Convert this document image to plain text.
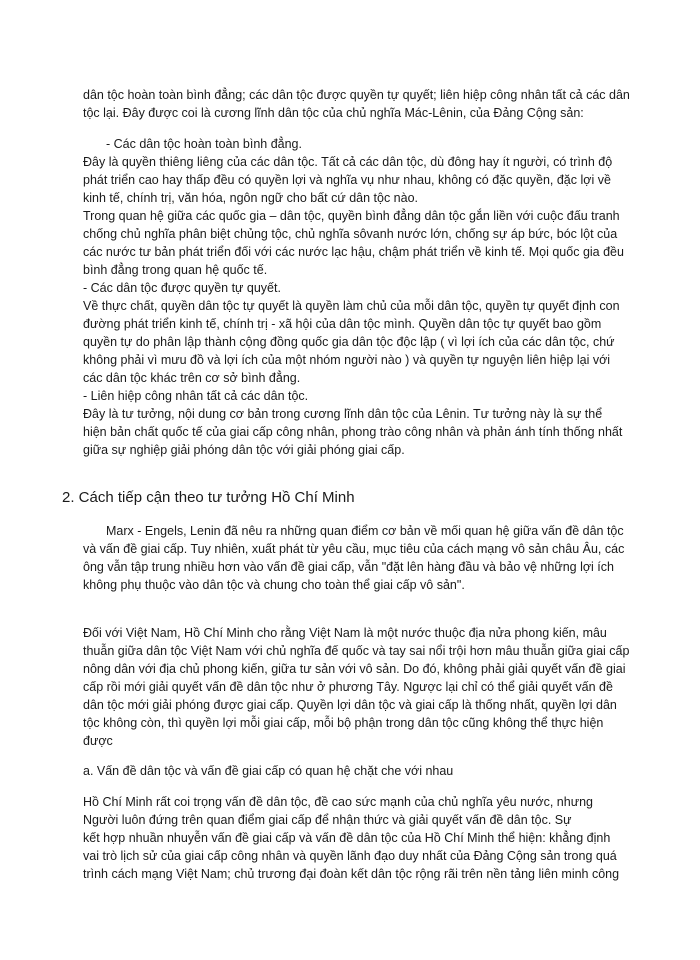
dân tộc hoàn toàn bình đẳng; các dân tộc được quyền tự quyết; liên hiệp công nhân tất cả các dân
tộc lại. Đây được coi là cương lĩnh dân tộc của chủ nghĩa Mác-Lênin, của Đảng Cộng sản:
- Các dân tộc hoàn toàn bình đẳng.
Đây là quyền thiêng liêng của các dân tộc. Tất cả các dân tộc, dù đông hay ít người, có trình độ
phát triển cao hay thấp đều có quyền lợi và nghĩa vụ như nhau, không có đặc quyền, đặc lợi về
kinh tế, chính trị, văn hóa, ngôn ngữ cho bất cứ dân tộc nào.
Trong quan hệ giữa các quốc gia – dân tộc, quyền bình đẳng dân tộc gắn liền với cuộc đấu tranh
chống chủ nghĩa phân biệt chủng tộc, chủ nghĩa sôvanh nước lớn, chống sự áp bức, bóc lột của
các nước tư bản phát triển đối với các nước lạc hậu, chậm phát triển về kinh tế. Mọi quốc gia đều
bình đẳng trong quan hệ quốc tế.
- Các dân tộc được quyền tự quyết.
Về thực chất, quyền dân tộc tự quyết là quyền làm chủ của mỗi dân tộc, quyền tự quyết định con
đường phát triển kinh tế, chính trị - xã hội của dân tộc mình. Quyền dân tộc tự quyết bao gồm
quyền tự do phân lập thành cộng đồng quốc gia dân tộc độc lập ( vì lợi ích của các dân tộc, chứ
không phải vì mưu đồ và lợi ích của một nhóm người nào ) và quyền tự nguyện liên hiệp lại với
các dân tộc khác trên cơ sở bình đẳng.
- Liên hiệp công nhân tất cả các dân tộc.
Đây là tư tưởng, nội dung cơ bản trong cương lĩnh dân tộc của Lênin. Tư tưởng này là sự thể
hiện bản chất quốc tế của giai cấp công nhân, phong trào công nhân và phản ánh tính thống nhất
giữa sự nghiệp giải phóng dân tộc với giải phóng giai cấp.
2. Cách tiếp cận theo tư tưởng Hồ Chí Minh
Marx - Engels, Lenin đã nêu ra những quan điểm cơ bản về mối quan hệ giữa vấn đề dân tộc
và vấn đề giai cấp. Tuy nhiên, xuất phát từ yêu cầu, mục tiêu của cách mạng vô sản châu Âu, các
ông vẫn tập trung nhiều hơn vào vấn đề giai cấp, vẫn "đặt lên hàng đầu và bảo vệ những lợi ích
không phụ thuộc vào dân tộc và chung cho toàn thể giai cấp vô sản".
Đối với Việt Nam, Hồ Chí Minh cho rằng Việt Nam là một nước thuộc địa nửa phong kiến, mâu
thuẫn giữa dân tộc Việt Nam với chủ nghĩa đế quốc và tay sai nổi trội hơn mâu thuẫn giữa giai cấp
nông dân với địa chủ phong kiến, giữa tư sản với vô sản. Do đó, không phải giải quyết vấn đề giai
cấp rồi mới giải quyết vấn đề dân tộc như ở phương Tây. Ngược lại chỉ có thể giải quyết vấn đề
dân tộc mới giải phóng được giai cấp. Quyền lợi dân tộc và giai cấp là thống nhất, quyền lợi dân
tộc không còn, thì quyền lợi mỗi giai cấp, mỗi bộ phận trong dân tộc cũng không thể thực hiện
được
a. Vấn đề dân tộc và vấn đề giai cấp có quan hệ chặt che với nhau
Hồ Chí Minh rất coi trọng vấn đề dân tộc, đề cao sức mạnh của chủ nghĩa yêu nước, nhưng
Người luôn đứng trên quan điểm giai cấp để nhận thức và giải quyết vấn đề dân tộc. Sự
kết hợp nhuần nhuyễn vấn đề giai cấp và vấn đề dân tộc của Hồ Chí Minh thể hiện: khẳng định
vai trò lịch sử của giai cấp công nhân và quyền lãnh đạo duy nhất của Đảng Cộng sản trong quá
trình cách mạng Việt Nam; chủ trương đại đoàn kết dân tộc rộng rãi trên nền tảng liên minh công
